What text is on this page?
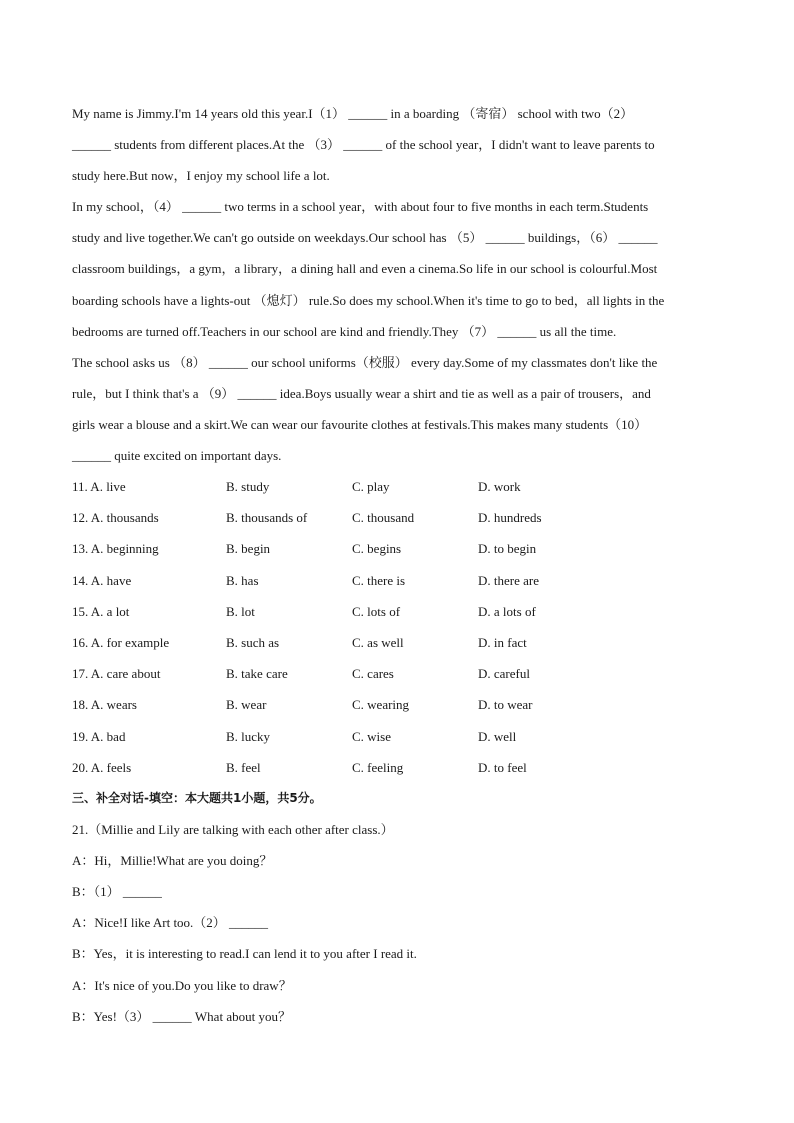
My name is Jimmy.I'm 14 years old this year.I（1） ______ in a boarding （寄宿） school with two（2）
______ students from different places.At the （3） ______ of the school year，I didn't want to leave parents to
study here.But now，I enjoy my school life a lot.
In my school，（4） ______ two terms in a school year，with about four to five months in each term.Students
study and live together.We can't go outside on weekdays.Our school has （5） ______ buildings，（6） ______
classroom buildings，a gym，a library，a dining hall and even a cinema.So life in our school is colourful.Most
boarding schools have a lights-out （熄灯） rule.So does my school.When it's time to go to bed，all lights in the
bedrooms are turned off.Teachers in our school are kind and friendly.They （7） ______ us all the time.
The school asks us （8） ______ our school uniforms（校服） every day.Some of my classmates don't like the
rule，but I think that's a （9） ______ idea.Boys usually wear a shirt and tie as well as a pair of trousers，and
girls wear a blouse and a skirt.We can wear our favourite clothes at festivals.This makes many students（10）
______ quite excited on important days.
11. A. live	B. study	C. play	D. work
12. A. thousands	B. thousands of	C. thousand	D. hundreds
13. A. beginning	B. begin	C. begins	D. to begin
14. A. have	B. has	C. there is	D. there are
15. A. a lot	B. lot	C. lots of	D. a lots of
16. A. for example	B. such as	C. as well	D. in fact
17. A. care about	B. take care	C. cares	D. careful
18. A. wears	B. wear	C. wearing	D. to wear
19. A. bad	B. lucky	C. wise	D. well
20. A. feels	B. feel	C. feeling	D. to feel
三、补全对话-填空：本大题共1小题，共5分。
21.（Millie and Lily are talking with each other after class.）
A：Hi，Millie!What are you doing？
B：（1） ______
A：Nice!I like Art too.（2） ______
B：Yes，it is interesting to read.I can lend it to you after I read it.
A：It's nice of you.Do you like to draw？
B：Yes!（3） ______ What about you？
